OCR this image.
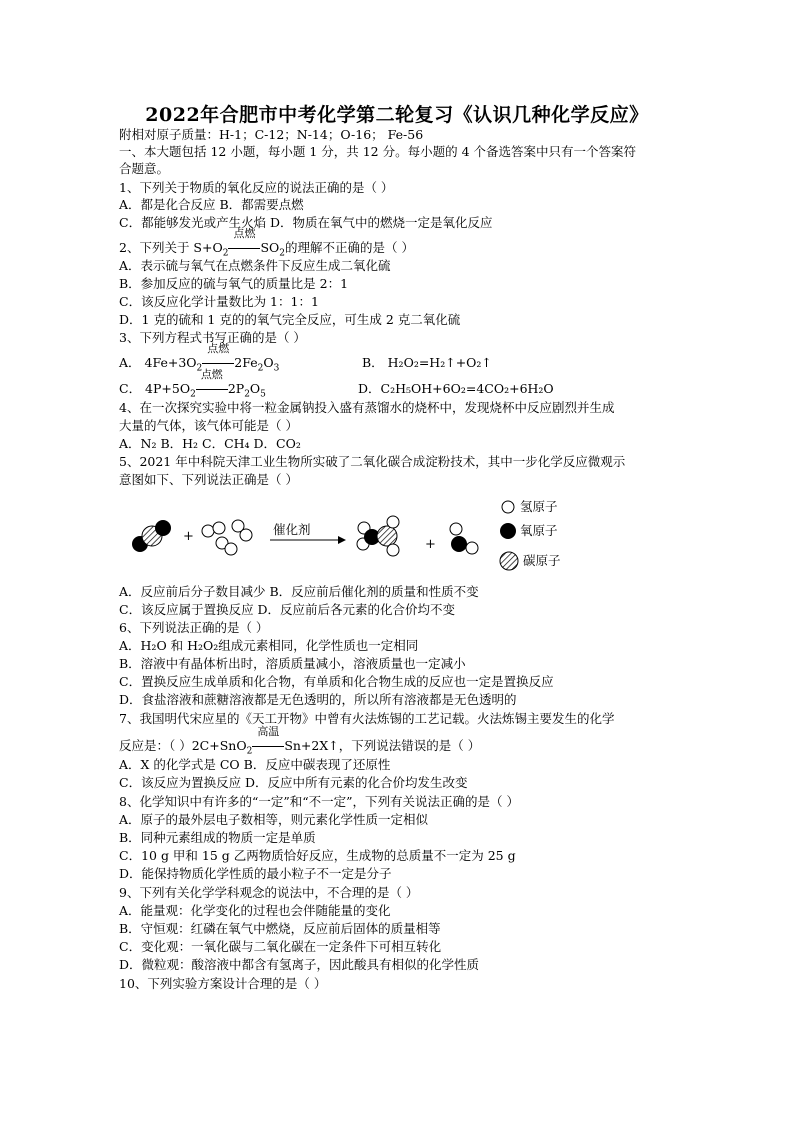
2022年合肥市中考化学第二轮复习《认识几种化学反应》
附相对原子质量：H-1；C-12；N-14；O-16； Fe-56
一、本大题包括 12 小题，每小题 1 分，共 12 分。每小题的 4 个备选答案中只有一个答案符
合题意。
1、下列关于物质的氧化反应的说法正确的是（ ）
A．都是化合反应 B．都需要点燃
C．都能够发光或产生火焰 D．物质在氧气中的燃烧一定是氧化反应
2、下列关于 $S+O_2$
点燃
$SO_2$的理解不正确的是（ ）
A．表示硫与氧气在点燃条件下反应生成二氧化硫
B．参加反应的硫与氧气的质量比是 2：1
C．该反应化学计量数比为 1：1：1
D．1 克的硫和 1 克的的氧气完全反应，可生成 2 克二氧化硫
3、下列方程式书写正确的是（ ）
A． $4Fe+3O_2$
点燃
$2Fe_2O_3$	B． H₂O₂=H₂↑+O₂↑
C． $4P+5O_2$
点燃
$2P_2O_5$	D．C₂H₅OH+6O₂=4CO₂+6H₂O
4、在一次探究实验中将一粒金属钠投入盛有蒸馏水的烧杯中，发现烧杯中反应剧烈并生成
大量的气体，该气体可能是（ ）
A．N₂ B．H₂ C．CH₄ D．CO₂
5、2021 年中科院天津工业生物所实破了二氧化碳合成淀粉技术，其中一步化学反应微观示
意图如下、下列说法正确是（ ）
+	催化剂
+
氢原子
氧原子
碳原子
A．反应前后分子数目减少 B．反应前后催化剂的质量和性质不变
C．该反应属于置换反应 D．反应前后各元素的化合价均不变
6、下列说法正确的是（ ）
A．H₂O 和 H₂O₂组成元素相同，化学性质也一定相同
B．溶液中有晶体析出时，溶质质量减小，溶液质量也一定减小
C．置换反应生成单质和化合物，有单质和化合物生成的反应也一定是置换反应
D．食盐溶液和蔗糖溶液都是无色透明的，所以所有溶液都是无色透明的
7、我国明代宋应星的《天工开物》中曾有火法炼锡的工艺记载。火法炼锡主要发生的化学
反应是：（ ）2C+SnO$_2$
高温
Sn+2X↑，下列说法错误的是（ ）
A．X 的化学式是 CO B．反应中碳表现了还原性
C．该反应为置换反应 D．反应中所有元素的化合价均发生改变
8、化学知识中有许多的“一定”和“不一定”，下列有关说法正确的是（ ）
A．原子的最外层电子数相等，则元素化学性质一定相似
B．同种元素组成的物质一定是单质
C．10 g 甲和 15 g 乙两物质恰好反应，生成物的总质量不一定为 25 g
D．能保持物质化学性质的最小粒子不一定是分子
9、下列有关化学学科观念的说法中，不合理的是（ ）
A．能量观：化学变化的过程也会伴随能量的变化
B．守恒观：红磷在氧气中燃烧，反应前后固体的质量相等
C．变化观：一氧化碳与二氧化碳在一定条件下可相互转化
D．微粒观：酸溶液中都含有氢离子，因此酸具有相似的化学性质
10、下列实验方案设计合理的是（ ）
